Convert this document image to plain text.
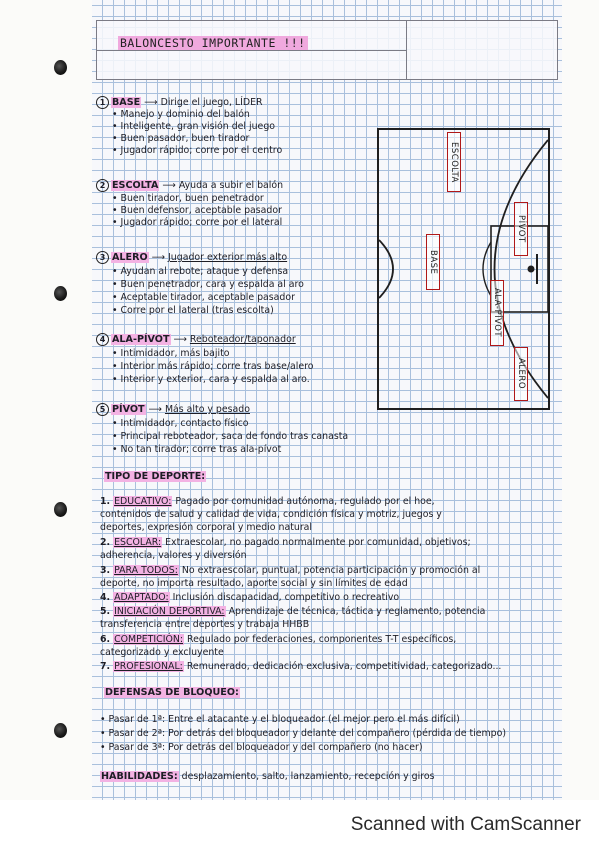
BALONCESTO IMPORTANTE !!!
1 BASE ⟶ Dirige el juego, LÍDER
• Manejo y dominio del balón
• Inteligente, gran visión del juego
• Buen pasador, buen tirador
• Jugador rápido; corre por el centro
2 ESCOLTA ⟶ Ayuda a subir el balón
• Buen tirador, buen penetrador
• Buen defensor, aceptable pasador
• Jugador rápido; corre por el lateral
3 ALERO ⟶ Jugador exterior más alto
• Ayudan al rebote; ataque y defensa
• Buen penetrador, cara y espalda al aro
• Aceptable tirador, aceptable pasador
• Corre por el lateral (tras escolta)
4 ALA-PÍVOT ⟶ Reboteador/taponador
• Intimidador, más bajito
• Interior más rápido; corre tras base/alero
• Interior y exterior, cara y espalda al aro.
5 PÍVOT ⟶ Más alto y pesado
• Intimidador, contacto físico
• Principal reboteador, saca de fondo tras canasta
• No tan tirador; corre tras ala-pívot
ESCOLTA
BASE
PÍVOT
ALA-PÍVOT
ALERO
TIPO DE DEPORTE:
1. EDUCATIVO: Pagado por comunidad autónoma, regulado por el hoe,
contenidos de salud y calidad de vida, condición física y motriz, juegos y
deportes, expresión corporal y medio natural
2. ESCOLAR: Extraescolar, no pagado normalmente por comunidad, objetivos;
adherencia, valores y diversión
3. PARA TODOS: No extraescolar, puntual, potencia participación y promoción al
deporte, no importa resultado, aporte social y sin límites de edad
4. ADAPTADO: Inclusión discapacidad, competitivo o recreativo
5. INICIACIÓN DEPORTIVA: Aprendizaje de técnica, táctica y reglamento, potencia
transferencia entre deportes y trabaja HHBB
6. COMPETICIÓN: Regulado por federaciones, componentes T-T específicos,
categorizado y excluyente
7. PROFESIONAL: Remunerado, dedicación exclusiva, competitividad, categorizado...
DEFENSAS DE BLOQUEO:
• Pasar de 1ª: Entre el atacante y el bloqueador (el mejor pero el más difícil)
• Pasar de 2ª: Por detrás del bloqueador y delante del compañero (pérdida de tiempo)
• Pasar de 3ª: Por detrás del bloqueador y del compañero (no hacer)
HABILIDADES: desplazamiento, salto, lanzamiento, recepción y giros
Scanned with CamScanner
